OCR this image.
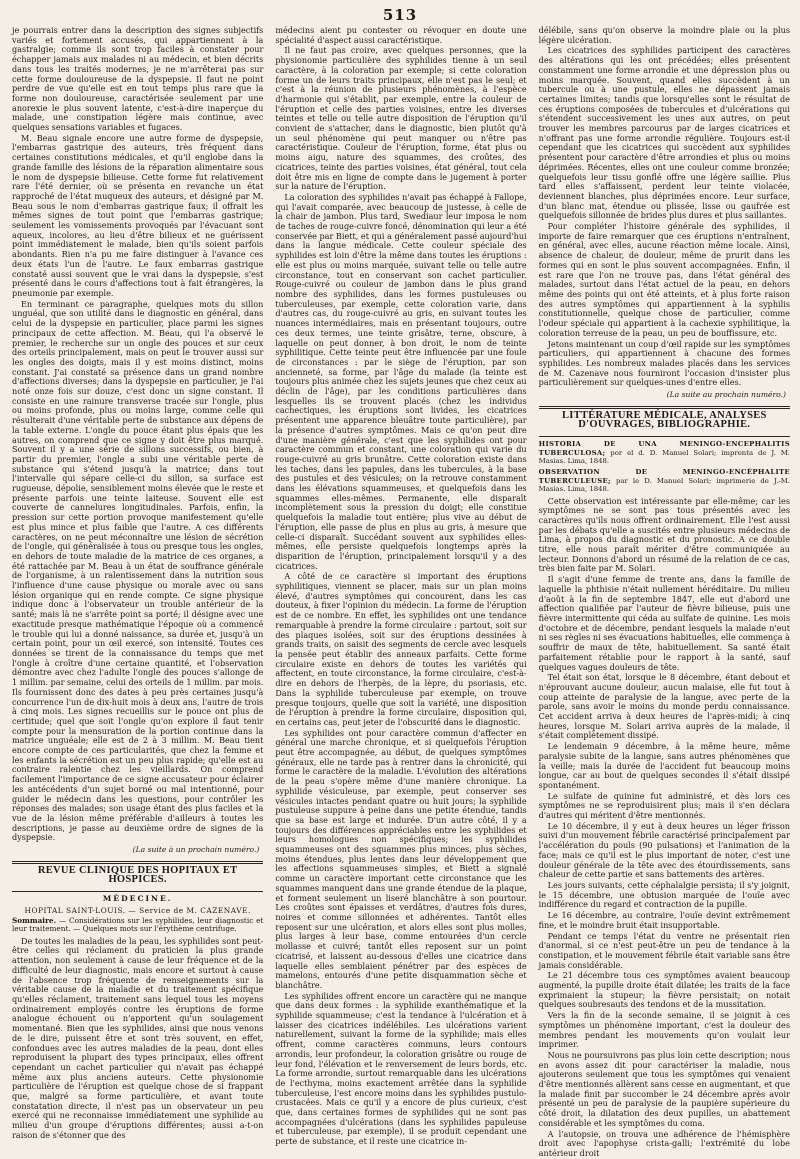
513

je pourrais entrer dans la description des signes subjectifs variés et fortement accusés, qui appartiennent à la gastralgie; comme ils sont trop faciles à constater pour échapper jamais aux malades ni au médecin, et bien décrits dans tous les traités modernes, je ne m'arrêterai pas sur cette forme douloureuse de la dyspepsie. Il faut ne point perdre de vue qu'elle est en tout temps plus rare que la forme non douloureuse, caractérisée seulement par une anorexie le plus souvent latente, c'est-à-dire inaperçue du malade, une constipation légère mais continue, avec quelques sensations variables et fugaces.

M. Beau signale encore une autre forme de dyspepsie, l'embarras gastrique des auteurs, très fréquent dans certaines constitutions médicales, et qu'il englobe dans la grande famille des lésions de la réparation alimentaire sous le nom de dyspepsie bilieuse. Cette forme fut relativement rare l'été dernier, où se présenta en revanche un état rapproché de l'état muqueux des auteurs, et désigné par M. Beau sous le nom d'embarras gastrique faux; il offrait les mêmes signes de tout point que l'embarras gastrique; seulement les vomissements provoqués par l'évacuant sont aqueux, incolores, au lieu d'être bilieux et ne guérissent point immédiatement le malade, bien qu'ils soient parfois abondants. Rien n'a pu me faire distinguer à l'avance ces deux états l'un de l'autre. Le faux embarras gastrique constaté aussi souvent que le vrai dans la dyspepsie, s'est présenté dans le cours d'affections tout à fait étrangères, la pneumonie par exemple.

En terminant ce paragraphe, quelques mots du sillon unguéal, que son utilité dans le diagnostic en général, dans celui de la dyspepsie en particulier, place parmi les signes principaux de cette affection. M. Beau, qui l'a observé le premier, le recherche sur un ongle des pouces et sur ceux des orteils principalement, mais on peut le trouver aussi sur les ongles des doigts, mais il y est moins distinct, moins constant. J'ai constaté sa présence dans un grand nombre d'affections diverses; dans la dyspepsie en particulier, je l'ai noté onze fois sur douze, c'est donc un signe constant. Il consiste en une rainure transverse tracée sur l'ongle, plus ou moins profonde, plus ou moins large, comme celle qui résulterait d'une véritable perte de substance aux dépens de la table externe. L'ongle du pouce étant plus épais que les autres, on comprend que ce signe y doit être plus marqué. Souvent il y a une série de sillons successifs, ou bien, à partir du premier, l'ongle a subi une véritable perte de substance qui s'étend jusqu'à la matrice; dans tout l'intervalle qui sépare celle-ci du sillon, sa surface est rugueuse, dépolie, sensiblement moins élevée que le reste et présente parfois une teinte laiteuse. Souvent elle est couverte de cannelures longitudinales. Parfois, enfin, la pression sur cette portion provoque manifestement qu'elle est plus mince et plus faible que l'autre. A ces différents caractères, on ne peut méconnaître une lésion de sécrétion de l'ongle, qui généralisée à tous ou presque tous les ongles, en dehors de toute maladie de la matrice de ces organes, a été rattachée par M. Beau à un état de souffrance générale de l'organisme, à un ralentissement dans la nutrition sous l'influence d'une cause physique ou morale avec ou sans lésion organique qui en rende compte. Ce signe physique indique donc à l'observateur un trouble antérieur de la santé; mais là ne s'arrête point sa porté; il désigne avec une exactitude presque mathématique l'époque où a commencé le trouble qui lui a donné naissance, sa durée et, jusqu'à un certain point, pour un œil exercé, son intensité. Toutes ces données se tirent de la connaissance du temps que met l'ongle à croître d'une certaine quantité, et l'observation démontre avec chez l'adulte l'ongle des pouces s'allonge de 1 millim. par semaine, celui des orteils de 1 millim. par mois. Ils fournissent donc des dates à peu près certaines jusqu'à concurrence l'un de dix-huit mois à deux ans, l'autre de trois à cinq mois. Les signes recueillis sur le pouce ont plus de certitude; quel que soit l'ongle qu'on explore il faut tenir compte pour la mensuration de la portion continue dans la matrice unguéale; elle est de 2 à 3 millim. M. Beau tient encore compte de ces particularités, que chez la femme et les enfants la sécrétion est un peu plus rapide; qu'elle est au contraire ralentie chez les vieillards. On comprend facilement l'importance de ce signe accusateur pour éclairer les antécédents d'un sujet borné ou mal intentionné, pour guider le médecin dans les questions, pour contrôler les réponses des malades; son usage étant des plus faciles et la vue de la lésion même préférable d'ailleurs à toutes les descriptions, je passe au deuxième ordre de signes de la dyspepsie.

(La suite à un prochain numéro.)
REVUE CLINIQUE DES HOPITAUX ET HOSPICES.
MÉDECINE.
HOPITAL SAINT-LOUIS. — Service de M. CAZENAVE.
Sommaire. — Considérations sur les syphilides, leur diagnostic et leur traitement. — Quelques mots sur l'érythème centrifuge.

De toutes les maladies de la peau, les syphilides sont peut-être celles qui réclament du praticien la plus grande attention, non seulement à cause de leur fréquence et de la difficulté de leur diagnostic, mais encore et surtout à cause de l'absence trop fréquente de renseignements sur la véritable cause de la maladie et du traitement spécifique qu'elles réclament, traitement sans lequel tous les moyens ordinairement employés contre les éruptions de forme analogue échouent ou n'apportent qu'un soulagement momentané. Bien que les syphilides, ainsi que nous venons de le dire, puissent être et sont très souvent, en effet, confondues avec les autres maladies de la peau, dont elles reproduisent la plupart des types principaux, elles offrent cependant un cachet particulier qui n'avait pas échappé même aux plus anciens auteurs. Cette physionomie particulière de l'éruption est quelque chose de si frappant que, malgré sa forme particulière, et avant toute constatation directe, il n'est pas un observateur un peu exercé qui ne reconnaisse immédiatement une syphilide au milieu d'un groupe d'éruptions différentes; aussi a-t-on raison de s'étonner que des

médecins aient pu contester ou révoquer en doute une spécialité d'aspect aussi caractéristique.

Il ne faut pas croire, avec quelques personnes, que la physionomie particulière des syphilides tienne à un seul caractère, à la coloration par exemple; si cette coloration forme un de leurs traits principaux, elle n'est pas le seul; et c'est à la réunion de plusieurs phénomènes, à l'espèce d'harmonie qui s'établit, par exemple, entre la couleur de l'éruption et celle des parties voisines, entre les diverses teintes et telle ou telle autre disposition de l'éruption qu'il convient de s'attacher, dans le diagnostic, bien plutôt qu'à un seul phénomène qui peut manquer ou n'être pas caractéristique. Couleur de l'éruption, forme, état plus ou moins aigu, nature des squammes, des croûtes, des cicatrices, teinte des parties voisines, état général, tout cela doit être mis en ligne de compte dans le jugement à porter sur la nature de l'éruption.

La coloration des syphilides n'avait pas échappé à Fallope, qui l'avait comparée, avec beaucoup de justesse, à celle de la chair de jambon. Plus tard, Swediaur leur imposa le nom de taches de rouge-cuivre foncé, dénomination qui leur a été conservée par Biett, et qui a généralement passé aujourd'hui dans la langue médicale. Cette couleur spéciale des syphilides est loin d'être la même dans toutes les éruptions : elle est plus ou moins marquée, suivant telle ou telle autre circonstance, tout en conservant son cachet particulier. Rouge-cuivré ou couleur de jambon dans le plus grand nombre des syphilides, dans les formes pustuleuses ou tuberculeuses, par exemple, cette coloration varie, dans d'autres cas, du rouge-cuivré au gris, en suivant toutes les nuances intermédiaires, mais en présentant toujours, outre ces deux termes, une teinte grisâtre, terne, obscure, à laquelle on peut donner, à bon droit, le nom de teinte syphilitique. Cette teinte peut être influencée par une foule de circonstances : par le siège de l'éruption, par son ancienneté, sa forme, par l'âge du malade (la teinte est toujours plus animée chez les sujets jeunes que chez ceux au déclin de l'âge), par les conditions particulières dans lesquelles ils se trouvent placés (chez les individus cachectiques, les éruptions sont livides, les cicatrices présentent une apparence bleuâtre toute particulière), par la présence d'autres symptômes. Mais ce qu'on peut dire d'une manière générale, c'est que les syphilides ont pour caractère commun et constant, une coloration qui varie du rouge-cuivré au gris brunâtre. Cette coloration existe dans les taches, dans les papules, dans les tubercules, à la base des pustules et des vésicules; on la retrouve constamment dans les élévations squammeuses, et quelquefois dans les squammes elles-mêmes. Permanente, elle disparaît incomplètement sous la pression du doigt; elle constitue quelquefois la maladie tout entière; plus vive au début de l'éruption, elle passe de plus en plus au gris, à mesure que celle-ci disparaît. Succédant souvent aux syphilides elles-mêmes, elle persiste quelquefois longtemps après la disparition de l'éruption, principalement lorsqu'il y a des cicatrices.

A côté de ce caractère si important des éruptions syphilitiques, viennent se placer, mais sur un plan moins élevé, d'autres symptômes qui concourent, dans les cas douteux, à fixer l'opinion du médecin. La forme de l'éruption est de ce nombre. En effet, les syphilides ont une tendance remarquable à prendre la forme circulaire : partout, soit sur des plaques isolées, soit sur des éruptions dessinées à grands traits, on saisit des segments de cercle avec lesquels la pensée peut établir des anneaux parfaits. Cette forme circulaire existe en dehors de toutes les variétés qui affectent, en toute circonstance, la forme circulaire, c'est-à-dire en dehors de l'herpès, de la lèpre, du psoriasis, etc. Dans la syphilide tuberculeuse par exemple, on trouve presque toujours, quelle que soit la variété, une disposition de l'éruption à prendre la forme circulaire, disposition qui, en certains cas, peut jeter de l'obscurité dans le diagnostic.

Les syphilides ont pour caractère commun d'affecter en général une marche chronique, et si quelquefois l'éruption peut être accompagnée, au début, de quelques symptômes généraux, elle ne tarde pas à rentrer dans la chronicité, qui forme le caractère de la maladie. L'évolution des altérations de la peau s'opère même d'une manière chronique. La syphilide vésiculeuse, par exemple, peut conserver ses vésicules intactes pendant quatre ou huit jours; la syphilide pustuleuse suppure à peine dans une petite étendue, tandis que sa base est large et indurée. D'un autre côté, il y a toujours des différences appréciables entre les syphilides et leurs homologues non spécifiques; les syphilides squammeuses ont des squammes plus minces, plus sèches, moins étendues, plus lentes dans leur développement que les affections squammeuses simples, et Biett a signalé comme un caractère important cette circonstance que les squammes manquent dans une grande étendue de la plaque, et forment seulement un liseré blanchâtre à son pourtour. Les croûtes sont épaisses et verdâtres, d'autres fois dures, noires et comme sillonnées et adhérentes. Tantôt elles reposent sur une ulcération, et alors elles sont plus molles, plus larges à leur base, comme entourées d'un cercle mollasse et cuivré; tantôt elles reposent sur un point cicatrisé, et laissent au-dessous d'elles une cicatrice dans laquelle elles semblaient pénétrer par des espèces de mamelons, entourés d'une petite disquammation sèche et blanchâtre.

Les syphilides offrent encore un caractère qui ne manque que dans deux formes : la syphilide exanthématique et la syphilide squammeuse; c'est la tendance à l'ulcération et à laisser des cicatrices indélébiles. Les ulcérations varient naturellement, suivant la forme de la syphilide; mais elles offrent, comme caractères communs, leurs contours arrondis, leur profondeur, la coloration grisâtre ou rouge de leur fond, l'élévation et le renversement de leurs bords, etc. La forme arrondie, surtout remarquable dans les ulcérations de l'ecthyma, moins exactement arrêtée dans la syphilide tuberculeuse, l'est encore moins dans les syphilides pustulo-crustacées. Mais ce qu'il y a encore de plus curieux, c'est que, dans certaines formes de syphilides qui ne sont pas accompagnées d'ulcérations (dans les syphilides papuleuse et tuberculeuse, par exemple), il se produit cependant une perte de substance, et il reste une cicatrice in-

délébile, sans qu'on observe la moindre plaie ou la plus légère ulcération.

Les cicatrices des syphilides participent des caractères des altérations qui les ont précédées; elles présentent constamment une forme arrondie et une dépression plus ou moins marquée. Souvent, quand elles succèdent à un tubercule ou à une pustule, elles ne dépassent jamais certaines limites; tandis que lorsqu'elles sont le résultat de ces éruptions composées de tubercules et d'ulcérations qui s'étendent successivement les unes aux autres, on peut trouver les membres parcourus par de larges cicatrices et n'offrant pas une forme arrondie régulière. Toujours est-il cependant que les cicatrices qui succèdent aux syphilides présentent pour caractère d'être arrondies et plus ou moins déprimées. Récentes, elles ont une couleur comme bronzée; quelquefois leur tissu gonflé offre une légère saillie. Plus tard elles s'affaissent, perdent leur teinte violacée, deviennent blanches, plus déprimées encore. Leur surface, d'un blanc mat, étendue ou plissée, lisse ou gaufrée est quelquefois sillonnée de brides plus dures et plus saillantes.

Pour compléter l'histoire générale des syphilides, il importe de faire remarquer que ces éruptions n'entraînent, en général, avec elles, aucune réaction même locale. Ainsi, absence de chaleur, de douleur, même de prurit dans les formes qui en sont le plus souvent accompagnées. Enfin, il est rare que l'on ne trouve pas, dans l'état général des malades, surtout dans l'état actuel de la peau, en dehors même des points qui ont été atteints, et à plus forte raison des autres symptômes qui appartiennent à la syphilis constitutionnelle, quelque chose de particulier, comme l'odeur spéciale qui appartient à la cachexie syphilitique, la coloration terreuse de la peau, un peu de bouffissure, etc.

Jetons maintenant un coup d'œil rapide sur les symptômes particuliers, qui appartiennent à chacune des formes syphilides. Les nombreux malades placés dans les services de M. Cazenave nous fourniront l'occasion d'insister plus particulièrement sur quelques-unes d'entre elles.

(La suite au prochain numéro.)
LITTÉRATURE MÉDICALE, ANALYSES D'OUVRAGES, BIBLIOGRAPHIE.
HISTORIA DE UNA MENINGO-ENCEPHALITIS TUBERCULOSA; por el d. D. Manuel Solari; imprenta de J. M. Masias. Lima, 1848.
OBSERVATION DE MENINGO-ENCÉPHALITE TUBERCULEUSE; par le D. Manuel Solari; imprimerie de J.-M. Masias. Lima, 1848.

Cette observation est intéressante par elle-même; car les symptômes ne se sont pas tous présentés avec les caractères qu'ils nous offrent ordinairement. Elle l'est aussi par les débats qu'elle a suscités entre plusieurs médecins de Lima, à propos du diagnostic et du pronostic. A ce double titre, elle nous paraît mériter d'être communiquée au lecteur. Donnons d'abord un résumé de la relation de ce cas, très bien faite par M. Solari.

Il s'agit d'une femme de trente ans, dans la famille de laquelle la phthisie n'était nullement héréditaire. Du milieu d'août à la fin de septembre 1847, elle eut d'abord une affection qualifiée par l'auteur de fièvre bilieuse, puis une fièvre intermittente qui céda au sulfate de quinine. Les mois d'octobre et de décembre, pendant lesquels la malade n'eut ni ses règles ni ses évacuations habituelles, elle commença à souffrir de maux de tête, habituellement. Sa santé était parfaitement rétablie pour le rapport à la santé, sauf quelques vagues douleurs de tête.

Tel était son état, lorsque le 8 décembre, étant debout et n'éprouvant aucune douleur, aucun malaise, elle fut tout à coup atteinte de paralysie de la langue, avec perte de la parole, sans avoir le moins du monde perdu connaissance. Cet accident arriva à deux heures de l'après-midi; à cinq heures, lorsque M. Solari arriva auprès de la malade, il s'était complètement dissipé.

Le lendemain 9 décembre, à la même heure, même paralysie subite de la langue, sans autres phénomènes que la veille; mais la durée de l'accident fut beaucoup moins longue, car au bout de quelques secondes il s'était dissipé spontanément.

Le sulfate de quinine fut administré, et dès lors ces symptômes ne se reproduisirent plus; mais il s'en déclara d'autres qui méritent d'être mentionnés.

Le 10 décembre, il y eut à deux heures un léger frisson suivi d'un mouvement fébrile caractérisé principalement par l'accélération du pouls (90 pulsations) et l'animation de la face; mais ce qu'il est le plus important de noter, c'est une douleur générale de la tête avec des étourdissements, sans chaleur de cette partie et sans battements des artères.

Les jours suivants, cette céphalalgie persista; il s'y joignit, le 15 décembre, une obtusion marquée de l'ouïe avec indifférence du regard et contraction de la pupille.

Le 16 décembre, au contraire, l'ouïe devint extrêmement fine, et le moindre bruit était insupportable.

Pendant ce temps l'état du ventre ne présentait rien d'anormal, si ce n'est peut-être un peu de tendance à la constipation, et le mouvement fébrile était variable sans être jamais considérable.

Le 21 décembre tous ces symptômes avaient beaucoup augmenté, la pupille droite était dilatée; les traits de la face exprimaient la stupeur; la fièvre persistait; on notait quelques soubresauts des tendons et de la mussitation.

Vers la fin de la seconde semaine, il se joignit à ces symptômes un phénomène important, c'est la douleur des membres pendant les mouvements qu'on voulait leur imprimer.

Nous ne poursuivrons pas plus loin cette description; nous en avons assez dit pour caractériser la maladie, nous ajouterons seulement que tous les symptômes qui venaient d'être mentionnés allèrent sans cesse en augmentant, et que la malade finit par succomber le 24 décembre après avoir présenté un peu de paralysie de la paupière supérieure du côté droit, la dilatation des deux pupilles, un abattement considérable et les symptômes du coma.

A l'autopsie, on trouva une adhérence de l'hémisphère droit avec l'apophyse crista-galli; l'extrémité du lobe antérieur droit
